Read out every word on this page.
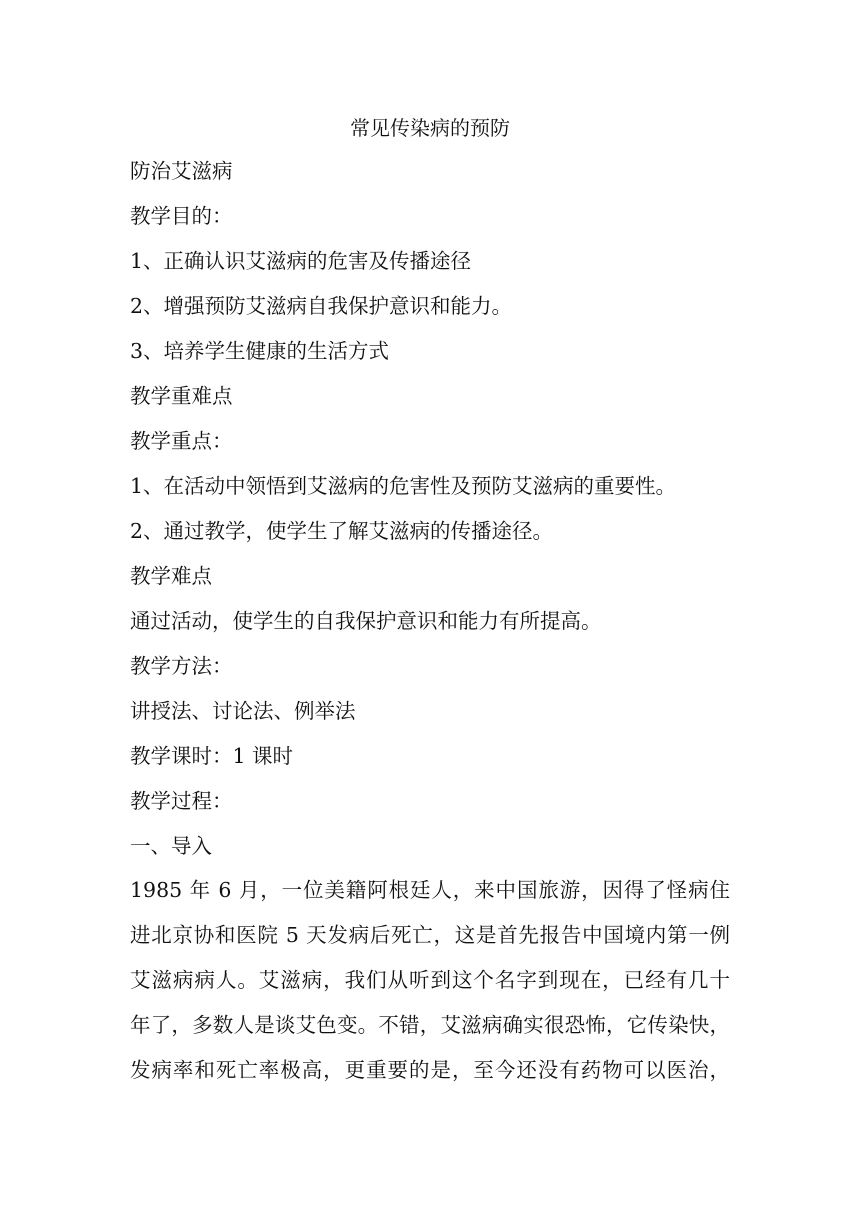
常见传染病的预防
防治艾滋病
教学目的：
1、正确认识艾滋病的危害及传播途径
2、增强预防艾滋病自我保护意识和能力。
3、培养学生健康的生活方式
教学重难点
教学重点：
1、在活动中领悟到艾滋病的危害性及预防艾滋病的重要性。
2、通过教学，使学生了解艾滋病的传播途径。
教学难点
通过活动，使学生的自我保护意识和能力有所提高。
教学方法：
讲授法、讨论法、例举法
教学课时：1 课时
教学过程：
一、导入
1985 年 6 月，一位美籍阿根廷人，来中国旅游，因得了怪病住
进北京协和医院 5 天发病后死亡，这是首先报告中国境内第一例
艾滋病病人。艾滋病，我们从听到这个名字到现在，已经有几十
年了，多数人是谈艾色变。不错，艾滋病确实很恐怖，它传染快，
发病率和死亡率极高，更重要的是，至今还没有药物可以医治，
